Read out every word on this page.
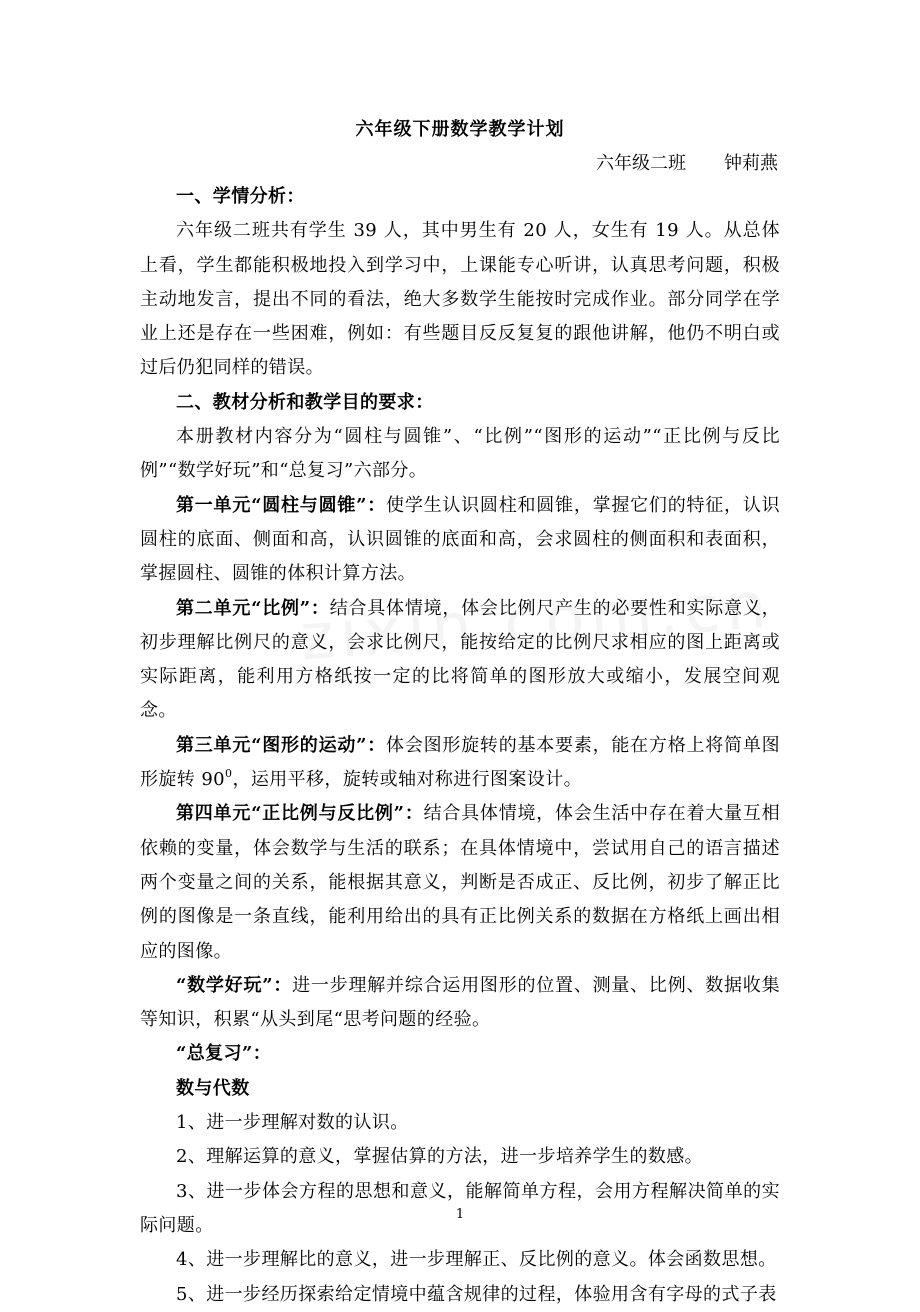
六年级下册数学教学计划
六年级二班 钟莉燕

一、学情分析：

六年级二班共有学生 39 人，其中男生有 20 人，女生有 19 人。从总体上看，学生都能积极地投入到学习中，上课能专心听讲，认真思考问题，积极主动地发言，提出不同的看法，绝大多数学生能按时完成作业。部分同学在学业上还是存在一些困难，例如：有些题目反反复复的跟他讲解，他仍不明白或过后仍犯同样的错误。

二、教材分析和教学目的要求：

本册教材内容分为“圆柱与圆锥”、“比例”“图形的运动”“正比例与反比例”“数学好玩”和“总复习”六部分。

第一单元“圆柱与圆锥”：使学生认识圆柱和圆锥，掌握它们的特征，认识圆柱的底面、侧面和高，认识圆锥的底面和高，会求圆柱的侧面积和表面积，掌握圆柱、圆锥的体积计算方法。

第二单元“比例”：结合具体情境，体会比例尺产生的必要性和实际意义，初步理解比例尺的意义，会求比例尺，能按给定的比例尺求相应的图上距离或实际距离，能利用方格纸按一定的比将简单的图形放大或缩小，发展空间观念。

第三单元“图形的运动”：体会图形旋转的基本要素，能在方格上将简单图形旋转 $90^0$，运用平移，旋转或轴对称进行图案设计。

第四单元“正比例与反比例”：结合具体情境，体会生活中存在着大量互相依赖的变量，体会数学与生活的联系；在具体情境中，尝试用自己的语言描述两个变量之间的关系，能根据其意义，判断是否成正、反比例，初步了解正比例的图像是一条直线，能利用给出的具有正比例关系的数据在方格纸上画出相应的图像。

“数学好玩”：进一步理解并综合运用图形的位置、测量、比例、数据收集等知识，积累“从头到尾“思考问题的经验。

“总复习”：

数与代数

1、进一步理解对数的认识。

2、理解运算的意义，掌握估算的方法，进一步培养学生的数感。

3、进一步体会方程的思想和意义，能解简单方程，会用方程解决简单的实际问题。

4、进一步理解比的意义，进一步理解正、反比例的意义。体会函数思想。

5、进一步经历探索给定情境中蕴含规律的过程，体验用含有字母的式子表

1
